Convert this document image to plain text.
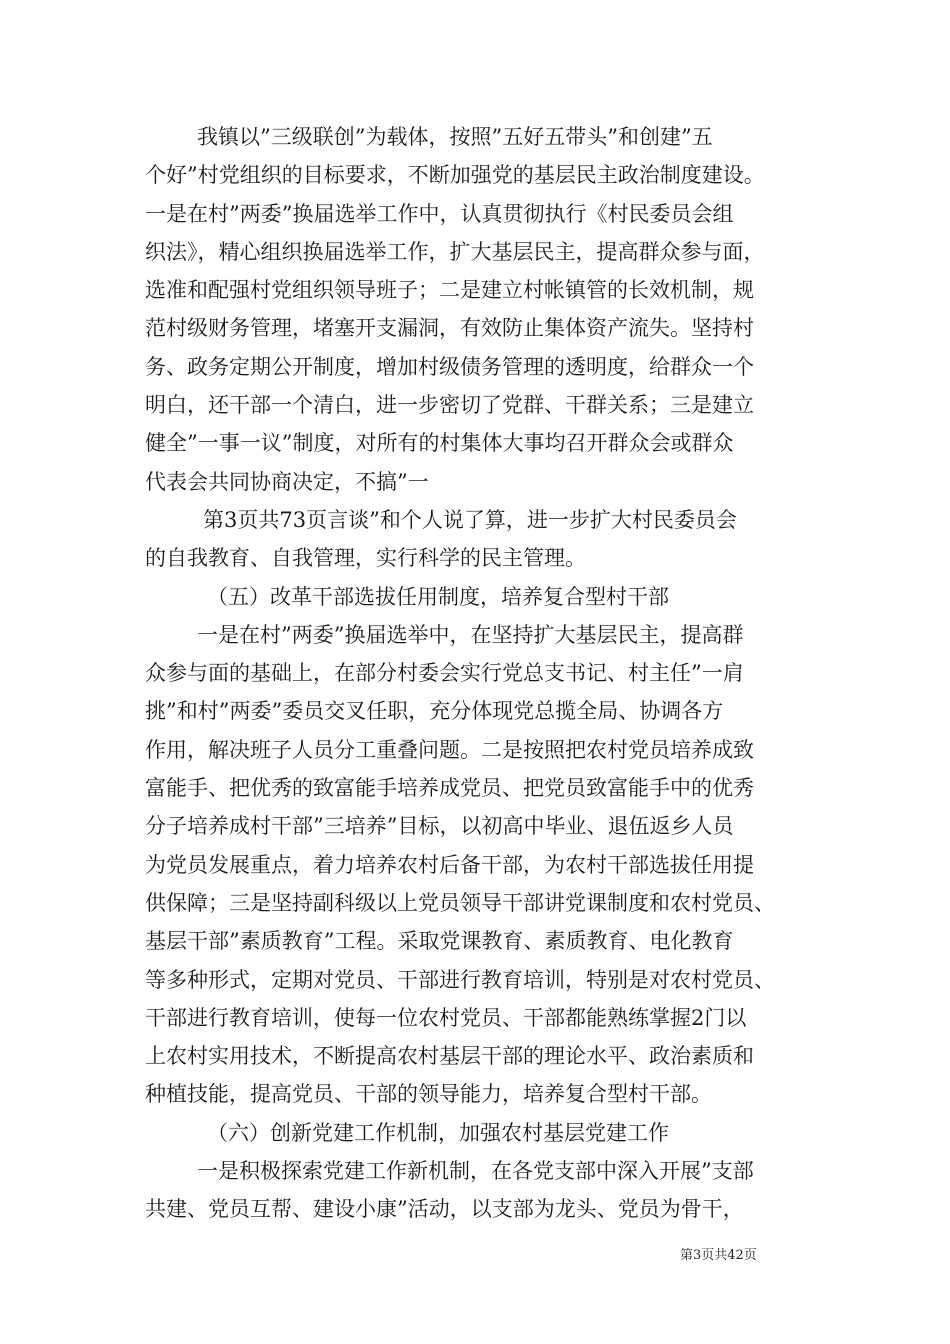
我镇以”三级联创”为载体，按照”五好五带头”和创建”五
个好”村党组织的目标要求，不断加强党的基层民主政治制度建设。
一是在村”两委”换届选举工作中，认真贯彻执行《村民委员会组
织法》，精心组织换届选举工作，扩大基层民主，提高群众参与面，
选准和配强村党组织领导班子；二是建立村帐镇管的长效机制，规
范村级财务管理，堵塞开支漏洞，有效防止集体资产流失。坚持村
务、政务定期公开制度，增加村级债务管理的透明度，给群众一个
明白，还干部一个清白，进一步密切了党群、干群关系；三是建立
健全”一事一议”制度，对所有的村集体大事均召开群众会或群众
代表会共同协商决定，不搞”一
第3页共73页言谈”和个人说了算，进一步扩大村民委员会
的自我教育、自我管理，实行科学的民主管理。
（五）改革干部选拔任用制度，培养复合型村干部
一是在村”两委”换届选举中，在坚持扩大基层民主，提高群
众参与面的基础上，在部分村委会实行党总支书记、村主任”一肩
挑”和村”两委”委员交叉任职，充分体现党总揽全局、协调各方
作用，解决班子人员分工重叠问题。二是按照把农村党员培养成致
富能手、把优秀的致富能手培养成党员、把党员致富能手中的优秀
分子培养成村干部”三培养”目标，以初高中毕业、退伍返乡人员
为党员发展重点，着力培养农村后备干部，为农村干部选拔任用提
供保障；三是坚持副科级以上党员领导干部讲党课制度和农村党员、
基层干部”素质教育”工程。采取党课教育、素质教育、电化教育
等多种形式，定期对党员、干部进行教育培训，特别是对农村党员、
干部进行教育培训，使每一位农村党员、干部都能熟练掌握2门以
上农村实用技术，不断提高农村基层干部的理论水平、政治素质和
种植技能，提高党员、干部的领导能力，培养复合型村干部。
（六）创新党建工作机制，加强农村基层党建工作
一是积极探索党建工作新机制，在各党支部中深入开展”支部
共建、党员互帮、建设小康”活动，以支部为龙头、党员为骨干，
第3页共42页
